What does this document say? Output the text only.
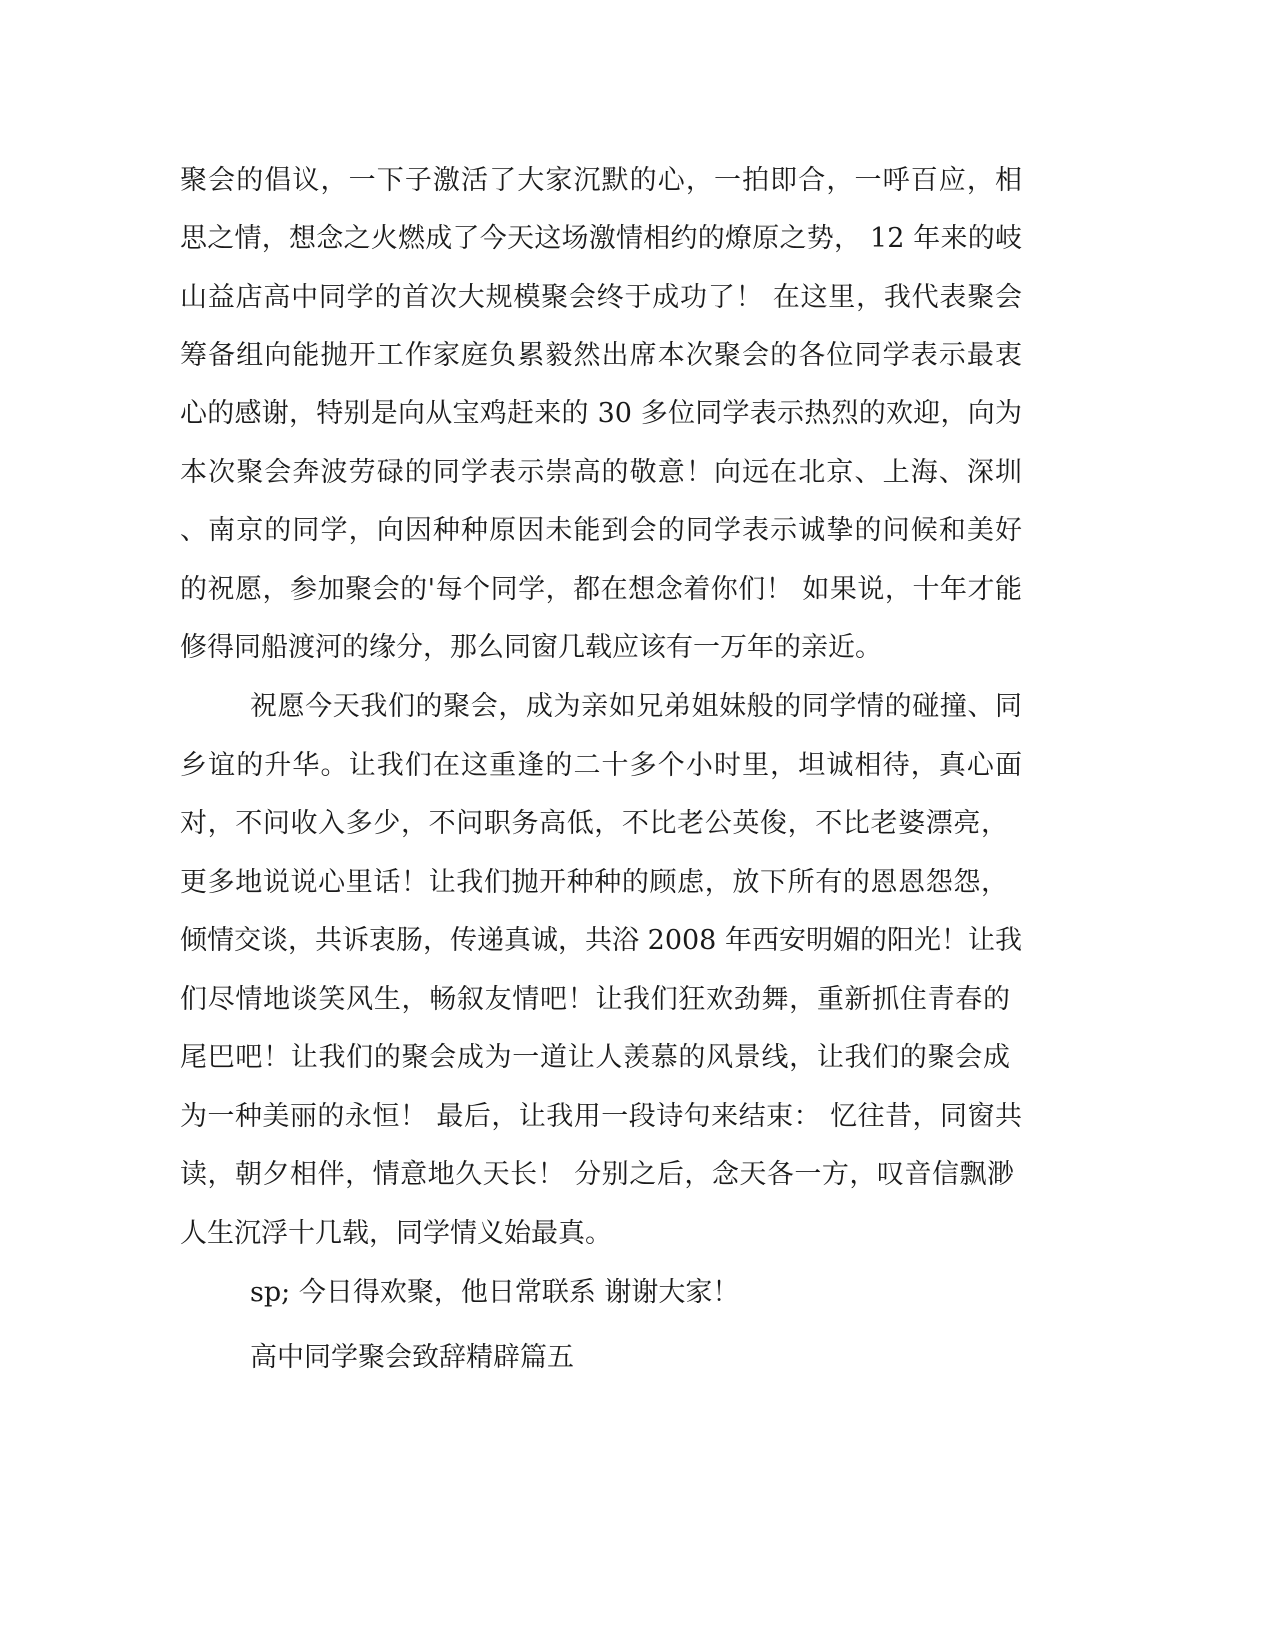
聚会的倡议，一下子激活了大家沉默的心，一拍即合，一呼百应，相
思之情，想念之火燃成了今天这场激情相约的燎原之势， 12 年来的岐
山益店高中同学的首次大规模聚会终于成功了！ 在这里，我代表聚会
筹备组向能抛开工作家庭负累毅然出席本次聚会的各位同学表示最衷
心的感谢，特别是向从宝鸡赶来的 30 多位同学表示热烈的欢迎，向为
本次聚会奔波劳碌的同学表示崇高的敬意！向远在北京、上海、深圳
、南京的同学，向因种种原因未能到会的同学表示诚挚的问候和美好
的祝愿，参加聚会的'每个同学，都在想念着你们！ 如果说，十年才能
修得同船渡河的缘分，那么同窗几载应该有一万年的亲近。
祝愿今天我们的聚会，成为亲如兄弟姐妹般的同学情的碰撞、同
乡谊的升华。让我们在这重逢的二十多个小时里，坦诚相待，真心面
对，不问收入多少，不问职务高低，不比老公英俊，不比老婆漂亮，
更多地说说心里话！让我们抛开种种的顾虑，放下所有的恩恩怨怨，
倾情交谈，共诉衷肠，传递真诚，共浴 2008 年西安明媚的阳光！让我
们尽情地谈笑风生，畅叙友情吧！让我们狂欢劲舞，重新抓住青春的
尾巴吧！让我们的聚会成为一道让人羡慕的风景线，让我们的聚会成
为一种美丽的永恒！ 最后，让我用一段诗句来结束： 忆往昔，同窗共
读，朝夕相伴，情意地久天长！ 分别之后，念天各一方，叹音信飘渺
人生沉浮十几载，同学情义始最真。
sp; 今日得欢聚，他日常联系 谢谢大家！
高中同学聚会致辞精辟篇五
